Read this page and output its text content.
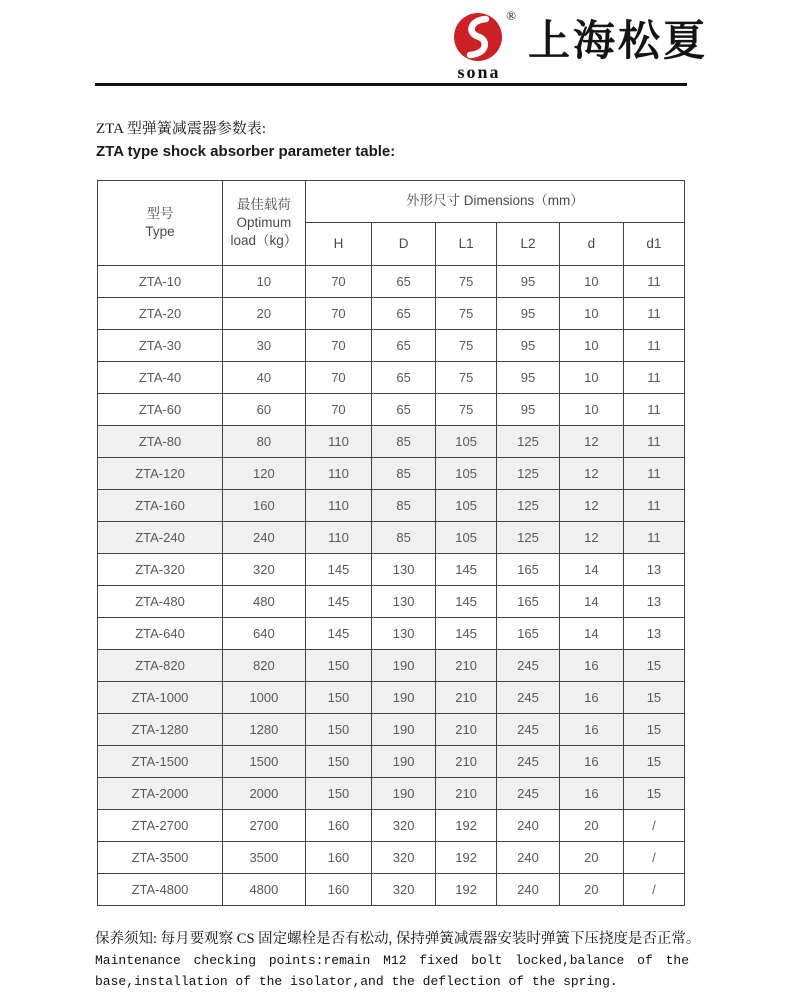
®
sona
上海松夏
ZTA 型弹簧减震器参数表:
ZTA type shock absorber parameter table:
型号
Type	最佳载荷
Optimum
load（kg）	外形尺寸 Dimensions（mm）					
		H	D	L1	L2	d	d1
ZTA-10	10	70	65	75	95	10	11
ZTA-20	20	70	65	75	95	10	11
ZTA-30	30	70	65	75	95	10	11
ZTA-40	40	70	65	75	95	10	11
ZTA-60	60	70	65	75	95	10	11
ZTA-80	80	110	85	105	125	12	11
ZTA-120	120	110	85	105	125	12	11
ZTA-160	160	110	85	105	125	12	11
ZTA-240	240	110	85	105	125	12	11
ZTA-320	320	145	130	145	165	14	13
ZTA-480	480	145	130	145	165	14	13
ZTA-640	640	145	130	145	165	14	13
ZTA-820	820	150	190	210	245	16	15
ZTA-1000	1000	150	190	210	245	16	15
ZTA-1280	1280	150	190	210	245	16	15
ZTA-1500	1500	150	190	210	245	16	15
ZTA-2000	2000	150	190	210	245	16	15
ZTA-2700	2700	160	320	192	240	20	/
ZTA-3500	3500	160	320	192	240	20	/
ZTA-4800	4800	160	320	192	240	20	/
保养须知: 每月要观察 CS 固定螺栓是否有松动, 保持弹簧减震器安装时弹簧下压挠度是否正常。
Maintenance checking points:remain M12 fixed bolt locked,balance of the
base,installation of the isolator,and the deflection of the spring.
